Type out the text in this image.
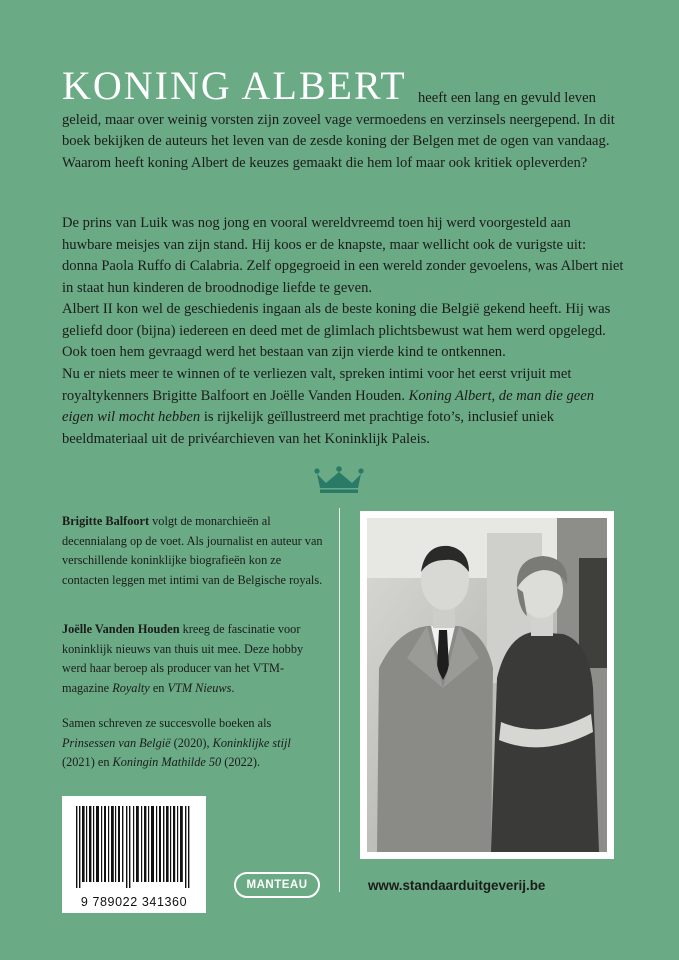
KONING ALBERT heeft een lang en gevuld leven geleid, maar over weinig vorsten zijn zoveel vage vermoedens en verzinsels neergepend. In dit boek bekijken de auteurs het leven van de zesde koning der Belgen met de ogen van vandaag. Waarom heeft koning Albert de keuzes gemaakt die hem lof maar ook kritiek opleverden?

De prins van Luik was nog jong en vooral wereldvreemd toen hij werd voorgesteld aan huwbare meisjes van zijn stand. Hij koos er de knapste, maar wellicht ook de vurigste uit: donna Paola Ruffo di Calabria. Zelf opgegroeid in een wereld zonder gevoelens, was Albert niet in staat hun kinderen de broodnodige liefde te geven.
Albert II kon wel de geschiedenis ingaan als de beste koning die België gekend heeft. Hij was geliefd door (bijna) iedereen en deed met de glimlach plichtsbewust wat hem werd opgelegd. Ook toen hem gevraagd werd het bestaan van zijn vierde kind te ontkennen.

Nu er niets meer te winnen of te verliezen valt, spreken intimi voor het eerst vrijuit met royaltykenners Brigitte Balfoort en Joëlle Vanden Houden. Koning Albert, de man die geen eigen wil mocht hebben is rijkelijk geïllustreerd met prachtige foto’s, inclusief uniek beeldmateriaal uit de privéarchieven van het Koninklijk Paleis.

Brigitte Balfoort volgt de monarchieën al decennialang op de voet. Als journalist en auteur van verschillende koninklijke biografieën kon ze contacten leggen met intimi van de Belgische royals.

Joëlle Vanden Houden kreeg de fascinatie voor koninklijk nieuws van thuis uit mee. Deze hobby werd haar beroep als producer van het VTM-magazine Royalty en VTM Nieuws.

Samen schreven ze succesvolle boeken als Prinsessen van België (2020), Koninklijke stijl (2021) en Koningin Mathilde 50 (2022).

9 789022 341360
MANTEAU	www.standaarduitgeverij.be
